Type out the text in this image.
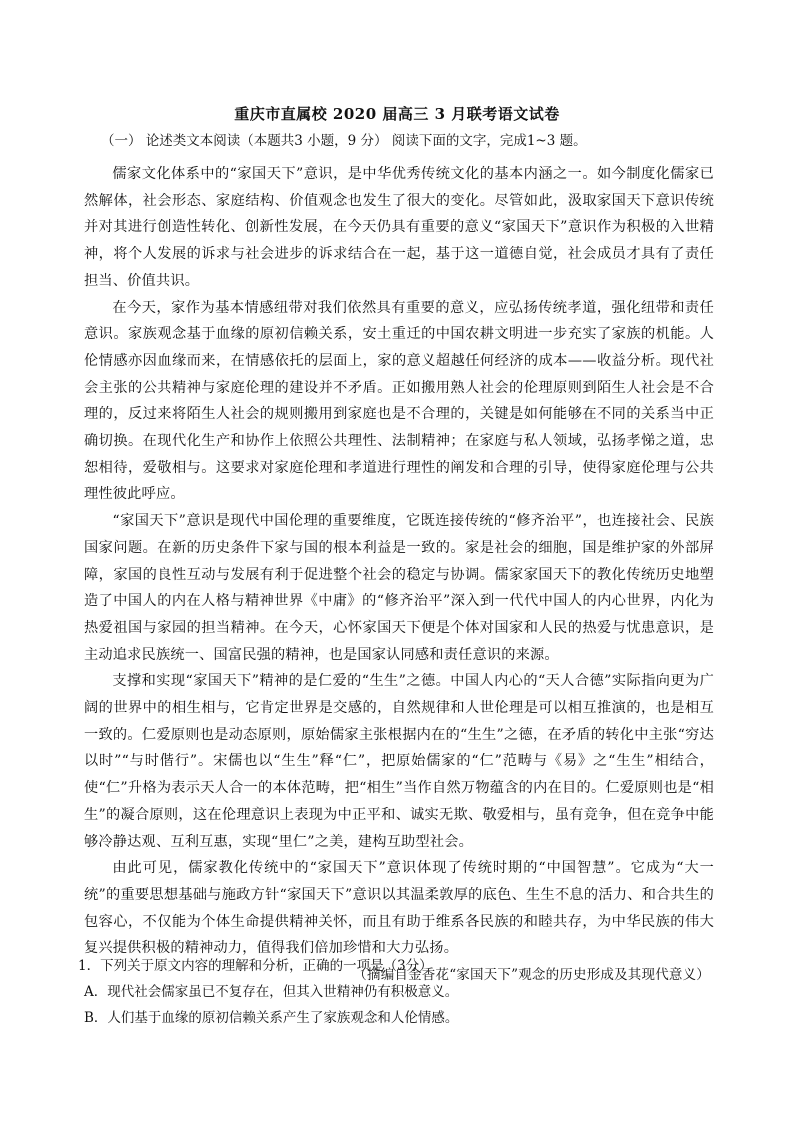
重庆市直属校 2020 届高三 3 月联考语文试卷
（一） 论述类文本阅读（本题共3 小题，9 分） 阅读下面的文字，完成1~3 题。

儒家文化体系中的“家国天下”意识，是中华优秀传统文化的基本内涵之一。如今制度化儒家已然解体，社会形态、家庭结构、价值观念也发生了很大的变化。尽管如此，汲取家国天下意识传统并对其进行创造性转化、创新性发展，在今天仍具有重要的意义“家国天下”意识作为积极的入世精神，将个人发展的诉求与社会进步的诉求结合在一起，基于这一道德自觉，社会成员才具有了责任担当、价值共识。

在今天，家作为基本情感纽带对我们依然具有重要的意义，应弘扬传统孝道，强化纽带和责任意识。家族观念基于血缘的原初信赖关系，安土重迁的中国农耕文明进一步充实了家族的机能。人伦情感亦因血缘而来，在情感依托的层面上，家的意义超越任何经济的成本——收益分析。现代社会主张的公共精神与家庭伦理的建设并不矛盾。正如搬用熟人社会的伦理原则到陌生人社会是不合理的，反过来将陌生人社会的规则搬用到家庭也是不合理的，关键是如何能够在不同的关系当中正确切换。在现代化生产和协作上依照公共理性、法制精神；在家庭与私人领域，弘扬孝悌之道，忠恕相待，爱敬相与。这要求对家庭伦理和孝道进行理性的阐发和合理的引导，使得家庭伦理与公共理性彼此呼应。

“家国天下”意识是现代中国伦理的重要维度，它既连接传统的“修齐治平”，也连接社会、民族国家问题。在新的历史条件下家与国的根本利益是一致的。家是社会的细胞，国是维护家的外部屏障，家国的良性互动与发展有利于促进整个社会的稳定与协调。儒家家国天下的教化传统历史地塑造了中国人的内在人格与精神世界《中庸》的“修齐治平”深入到一代代中国人的内心世界，内化为热爱祖国与家园的担当精神。在今天，心怀家国天下便是个体对国家和人民的热爱与忧患意识，是主动追求民族统一、国富民强的精神，也是国家认同感和责任意识的来源。

支撑和实现“家国天下”精神的是仁爱的“生生”之德。中国人内心的“天人合德”实际指向更为广阔的世界中的相生相与，它肯定世界是交感的，自然规律和人世伦理是可以相互推演的，也是相互一致的。仁爱原则也是动态原则，原始儒家主张根据内在的“生生”之德，在矛盾的转化中主张“穷达以时”“与时偕行”。宋儒也以“生生”释“仁”，把原始儒家的“仁”范畴与《易》之“生生”相结合，使“仁”升格为表示天人合一的本体范畴，把“相生”当作自然万物蕴含的内在目的。仁爱原则也是“相生”的凝合原则，这在伦理意识上表现为中正平和、诚实无欺、敬爱相与，虽有竞争，但在竞争中能够冷静达观、互利互惠，实现“里仁”之美，建构互助型社会。

由此可见，儒家教化传统中的“家国天下”意识体现了传统时期的“中国智慧”。它成为“大一统”的重要思想基础与施政方针“家国天下”意识以其温柔敦厚的底色、生生不息的活力、和合共生的包容心，不仅能为个体生命提供精神关怀，而且有助于维系各民族的和睦共存，为中华民族的伟大复兴提供积极的精神动力，值得我们倍加珍惜和大力弘扬。

（摘编自金香花“家国天下”观念的历史形成及其现代意义）

1．下列关于原文内容的理解和分析，正确的一项是（3分）
A．现代社会儒家虽已不复存在，但其入世精神仍有积极意义。
B．人们基于血缘的原初信赖关系产生了家族观念和人伦情感。
